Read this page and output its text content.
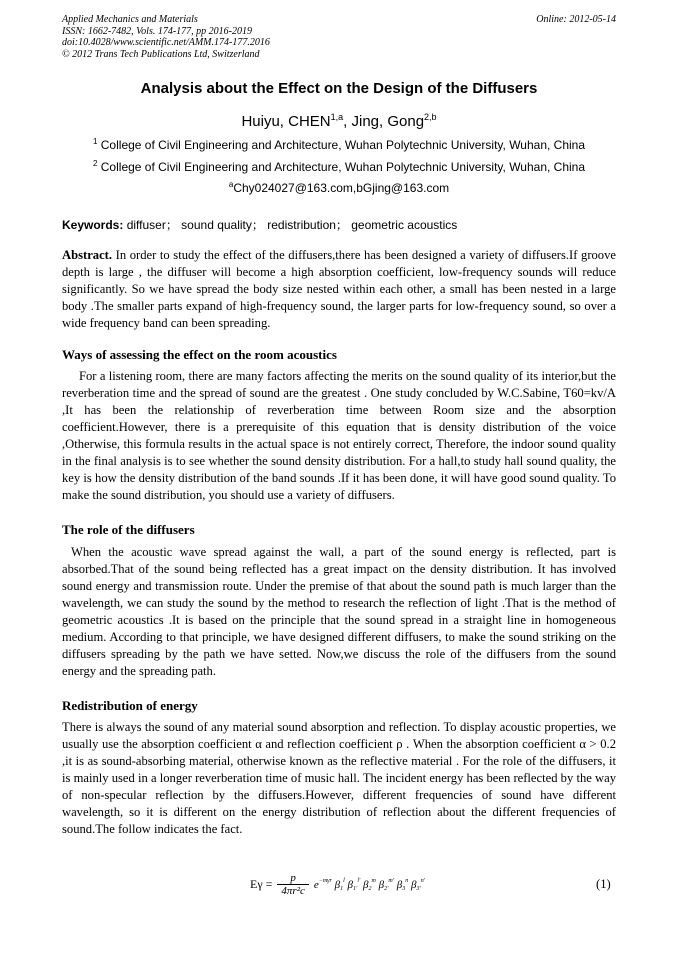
Applied Mechanics and Materials
ISSN: 1662-7482, Vols. 174-177, pp 2016-2019
doi:10.4028/www.scientific.net/AMM.174-177.2016
© 2012 Trans Tech Publications Ltd, Switzerland
Online: 2012-05-14
Analysis about the Effect on the Design of the Diffusers
Huiyu, CHEN$^{1,a}$, Jing, Gong$^{2,b}$
$^1$ College of Civil Engineering and Architecture, Wuhan Polytechnic University, Wuhan, China
$^2$ College of Civil Engineering and Architecture, Wuhan Polytechnic University, Wuhan, China
$^a$Chy024027@163.com,bGjing@163.com
Keywords: diffuser； sound quality； redistribution； geometric acoustics
Abstract. In order to study the effect of the diffusers,there has been designed a variety of diffusers.If groove depth is large , the diffuser will become a high absorption coefficient, low-frequency sounds will reduce significantly. So we have spread the body size nested within each other, a small has been nested in a large body .The smaller parts expand of high-frequency sound, the larger parts for low-frequency sound, so over a wide frequency band can been spreading.
Ways of assessing the effect on the room acoustics
For a listening room, there are many factors affecting the merits on the sound quality of its interior,but the reverberation time and the spread of sound are the greatest . One study concluded by W.C.Sabine, T60=kv/A ,It has been the relationship of reverberation time between Room size and the absorption coefficient.However, there is a prerequisite of this equation that is density distribution of the voice ,Otherwise, this formula results in the actual space is not entirely correct, Therefore, the indoor sound quality in the final analysis is to see whether the sound density distribution. For a hall,to study hall sound quality, the key is how the density distribution of the band sounds .If it has been done, it will have good sound quality. To make the sound distribution, you should use a variety of diffusers.
The role of the diffusers
When the acoustic wave spread against the wall, a part of the sound energy is reflected, part is absorbed.That of the sound being reflected has a great impact on the density distribution. It has involved sound energy and transmission route. Under the premise of that about the sound path is much larger than the wavelength, we can study the sound by the method to research the reflection of light .That is the method of geometric acoustics .It is based on the principle that the sound spread in a straight line in homogeneous medium. According to that principle, we have designed different diffusers, to make the sound striking on the diffusers spreading by the path we have setted. Now,we discuss the role of the diffusers from the sound energy and the spreading path.
Redistribution of energy
There is always the sound of any material sound absorption and reflection. To display acoustic properties, we usually use the absorption coefficient α and reflection coefficient ρ . When the absorption coefficient α > 0.2 ,it is as sound-absorbing material, otherwise known as the reflective material . For the role of the diffusers, it is mainly used in a longer reverberation time of music hall. The incident energy has been reflected by the way of non-specular reflection by the diffusers.However, different frequencies of sound have different wavelength, so it is different on the energy distribution of reflection about the different frequencies of sound.The follow indicates the fact.
$E\gamma = \frac{p}{\text{4πr²c}} e^{-m\gamma r}$ $\beta_1^l$ $\beta_{1'}^{l'}$ $\beta_2^m$ $\beta_{2'}^{m'}$ $\beta_3^n$ $\beta_{3'}^{n'}$	(1)
